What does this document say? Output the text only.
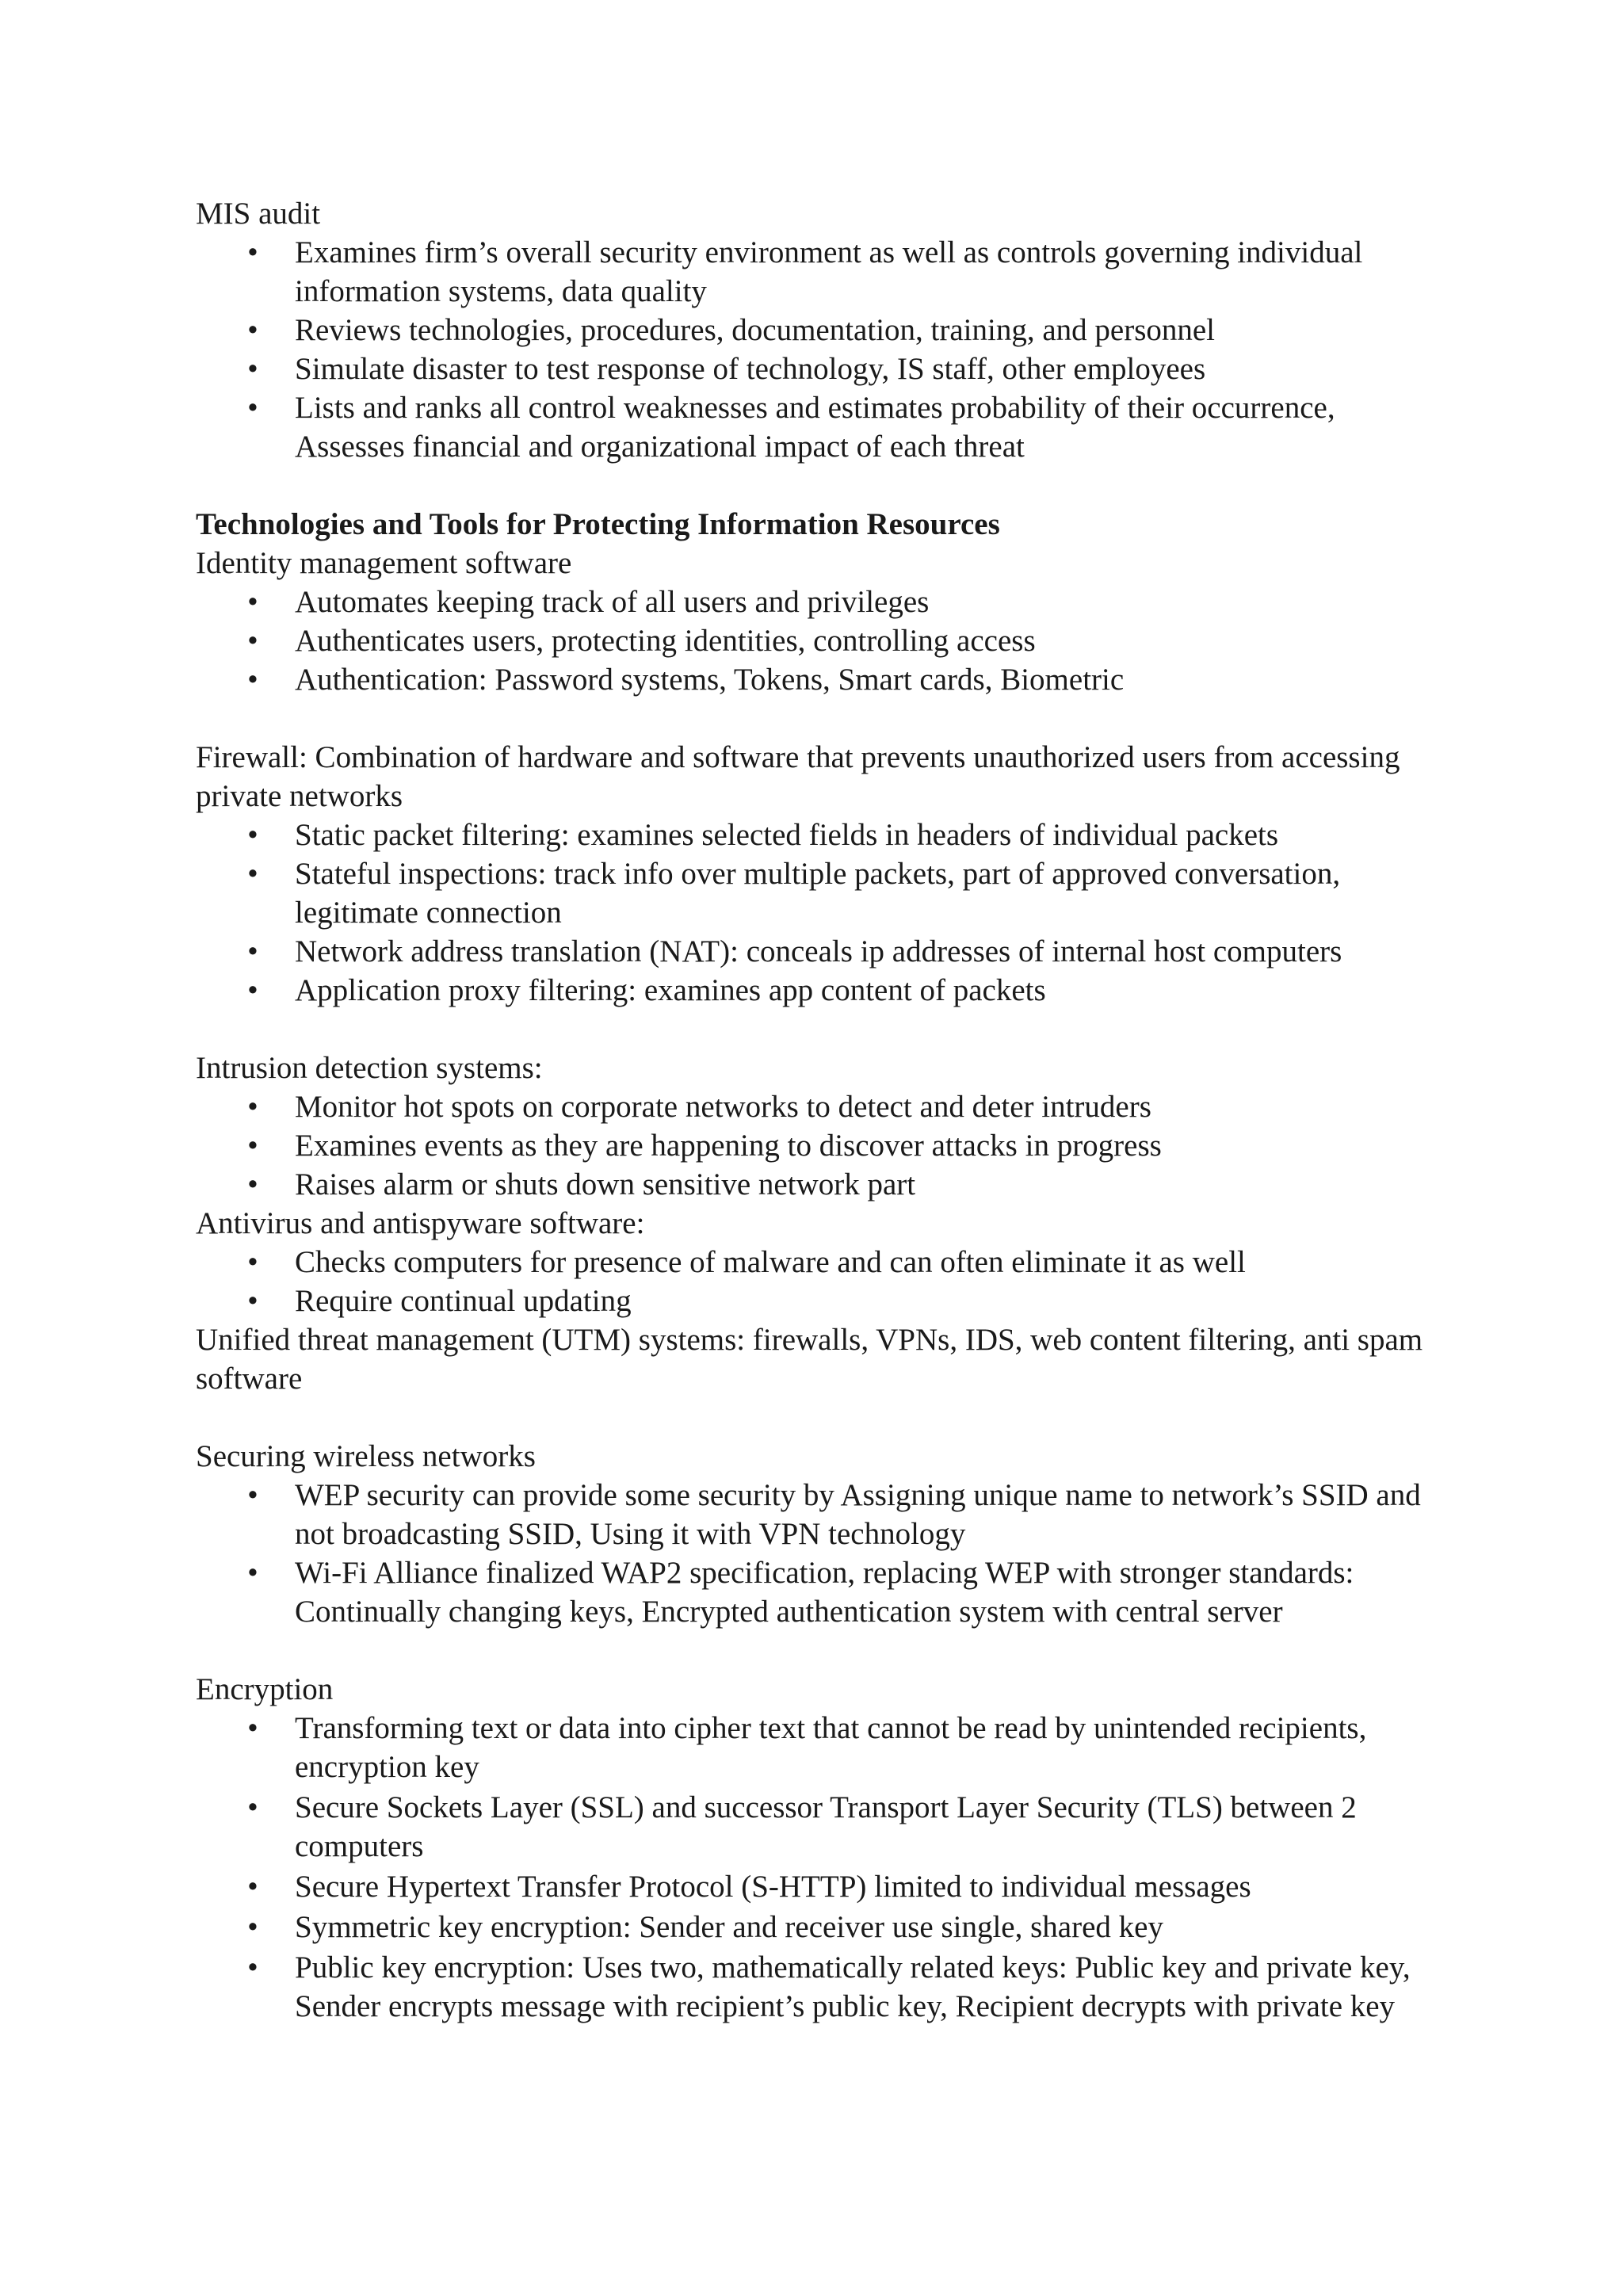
MIS audit

• Examines firm’s overall security environment as well as controls governing individual information systems, data quality
• Reviews technologies, procedures, documentation, training, and personnel
• Simulate disaster to test response of technology, IS staff, other employees
• Lists and ranks all control weaknesses and estimates probability of their occurrence, Assesses financial and organizational impact of each threat

Technologies and Tools for Protecting Information Resources

Identity management software

• Automates keeping track of all users and privileges
• Authenticates users, protecting identities, controlling access
• Authentication: Password systems, Tokens, Smart cards, Biometric

Firewall: Combination of hardware and software that prevents unauthorized users from accessing private networks

• Static packet filtering: examines selected fields in headers of individual packets
• Stateful inspections: track info over multiple packets, part of approved conversation, legitimate connection
• Network address translation (NAT): conceals ip addresses of internal host computers
• Application proxy filtering: examines app content of packets

Intrusion detection systems:

• Monitor hot spots on corporate networks to detect and deter intruders
• Examines events as they are happening to discover attacks in progress
• Raises alarm or shuts down sensitive network part

Antivirus and antispyware software:

• Checks computers for presence of malware and can often eliminate it as well
• Require continual updating

Unified threat management (UTM) systems: firewalls, VPNs, IDS, web content filtering, anti spam software

Securing wireless networks

• WEP security can provide some security by Assigning unique name to network’s SSID and not broadcasting SSID, Using it with VPN technology
• Wi-Fi Alliance finalized WAP2 specification, replacing WEP with stronger standards: Continually changing keys, Encrypted authentication system with central server

Encryption

• Transforming text or data into cipher text that cannot be read by unintended recipients, encryption key
• Secure Sockets Layer (SSL) and successor Transport Layer Security (TLS) between 2 computers
• Secure Hypertext Transfer Protocol (S-HTTP) limited to individual messages
• Symmetric key encryption: Sender and receiver use single, shared key
• Public key encryption: Uses two, mathematically related keys: Public key and private key, Sender encrypts message with recipient’s public key, Recipient decrypts with private key
